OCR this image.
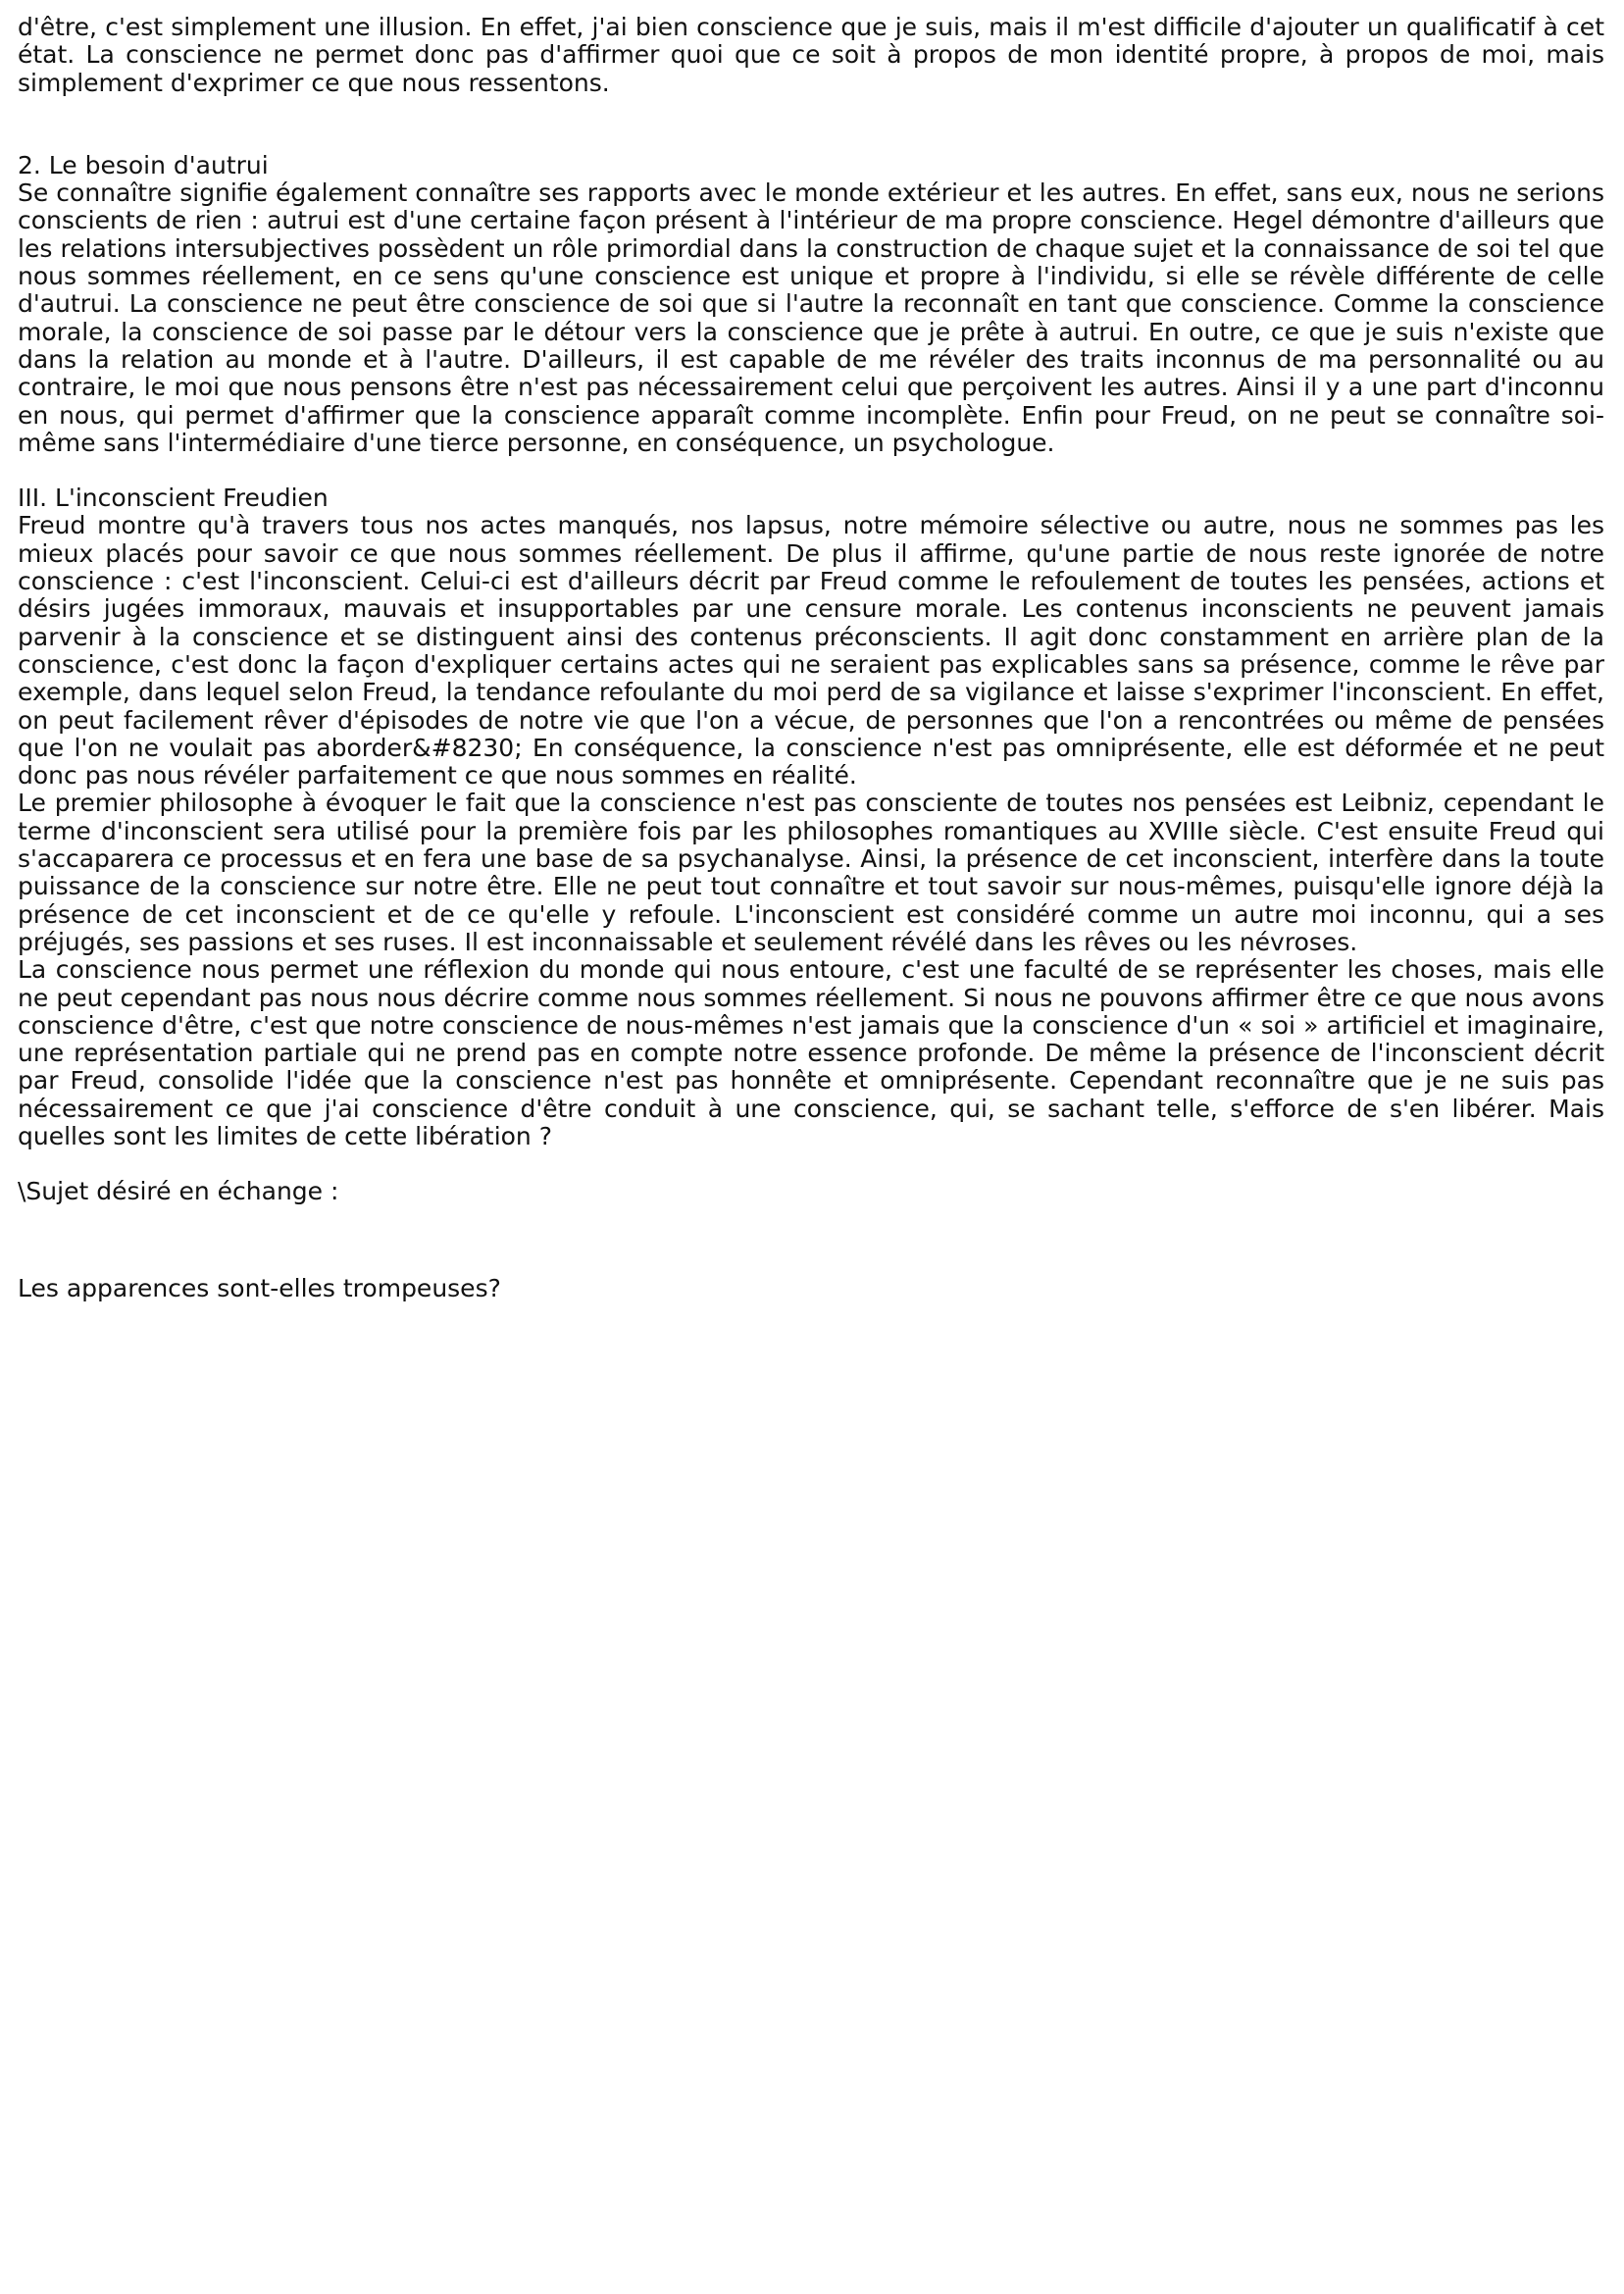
d'être, c'est simplement une illusion. En effet, j'ai bien conscience que je suis, mais il m'est difficile d'ajouter un qualificatif à cet état. La conscience ne permet donc pas d'affirmer quoi que ce soit à propos de mon identité propre, à propos de moi, mais simplement d'exprimer ce que nous ressentons.

2. Le besoin d'autrui

Se connaître signifie également connaître ses rapports avec le monde extérieur et les autres. En effet, sans eux, nous ne serions conscients de rien : autrui est d'une certaine façon présent à l'intérieur de ma propre conscience. Hegel démontre d'ailleurs que les relations intersubjectives possèdent un rôle primordial dans la construction de chaque sujet et la connaissance de soi tel que nous sommes réellement, en ce sens qu'une conscience est unique et propre à l'individu, si elle se révèle différente de celle d'autrui. La conscience ne peut être conscience de soi que si l'autre la reconnaît en tant que conscience. Comme la conscience morale, la conscience de soi passe par le détour vers la conscience que je prête à autrui. En outre, ce que je suis n'existe que dans la relation au monde et à l'autre. D'ailleurs, il est capable de me révéler des traits inconnus de ma personnalité ou au contraire, le moi que nous pensons être n'est pas nécessairement celui que perçoivent les autres. Ainsi il y a une part d'inconnu en nous, qui permet d'affirmer que la conscience apparaît comme incomplète. Enfin pour Freud, on ne peut se connaître soi-même sans l'intermédiaire d'une tierce personne, en conséquence, un psychologue.

III. L'inconscient Freudien

Freud montre qu'à travers tous nos actes manqués, nos lapsus, notre mémoire sélective ou autre, nous ne sommes pas les mieux placés pour savoir ce que nous sommes réellement. De plus il affirme, qu'une partie de nous reste ignorée de notre conscience : c'est l'inconscient. Celui-ci est d'ailleurs décrit par Freud comme le refoulement de toutes les pensées, actions et désirs jugées immoraux, mauvais et insupportables par une censure morale. Les contenus inconscients ne peuvent jamais parvenir à la conscience et se distinguent ainsi des contenus préconscients. Il agit donc constamment en arrière plan de la conscience, c'est donc la façon d'expliquer certains actes qui ne seraient pas explicables sans sa présence, comme le rêve par exemple, dans lequel selon Freud, la tendance refoulante du moi perd de sa vigilance et laisse s'exprimer l'inconscient. En effet, on peut facilement rêver d'épisodes de notre vie que l'on a vécue, de personnes que l'on a rencontrées ou même de pensées que l'on ne voulait pas aborder&#8230; En conséquence, la conscience n'est pas omniprésente, elle est déformée et ne peut donc pas nous révéler parfaitement ce que nous sommes en réalité.

Le premier philosophe à évoquer le fait que la conscience n'est pas consciente de toutes nos pensées est Leibniz, cependant le terme d'inconscient sera utilisé pour la première fois par les philosophes romantiques au XVIIIe siècle. C'est ensuite Freud qui s'accaparera ce processus et en fera une base de sa psychanalyse. Ainsi, la présence de cet inconscient, interfère dans la toute puissance de la conscience sur notre être. Elle ne peut tout connaître et tout savoir sur nous-mêmes, puisqu'elle ignore déjà la présence de cet inconscient et de ce qu'elle y refoule. L'inconscient est considéré comme un autre moi inconnu, qui a ses préjugés, ses passions et ses ruses. Il est inconnaissable et seulement révélé dans les rêves ou les névroses.

La conscience nous permet une réflexion du monde qui nous entoure, c'est une faculté de se représenter les choses, mais elle ne peut cependant pas nous nous décrire comme nous sommes réellement. Si nous ne pouvons affirmer être ce que nous avons conscience d'être, c'est que notre conscience de nous-mêmes n'est jamais que la conscience d'un « soi » artificiel et imaginaire, une représentation partiale qui ne prend pas en compte notre essence profonde. De même la présence de l'inconscient décrit par Freud, consolide l'idée que la conscience n'est pas honnête et omniprésente. Cependant reconnaître que je ne suis pas nécessairement ce que j'ai conscience d'être conduit à une conscience, qui, se sachant telle, s'efforce de s'en libérer. Mais quelles sont les limites de cette libération ?

\Sujet désiré en échange :

Les apparences sont-elles trompeuses?
